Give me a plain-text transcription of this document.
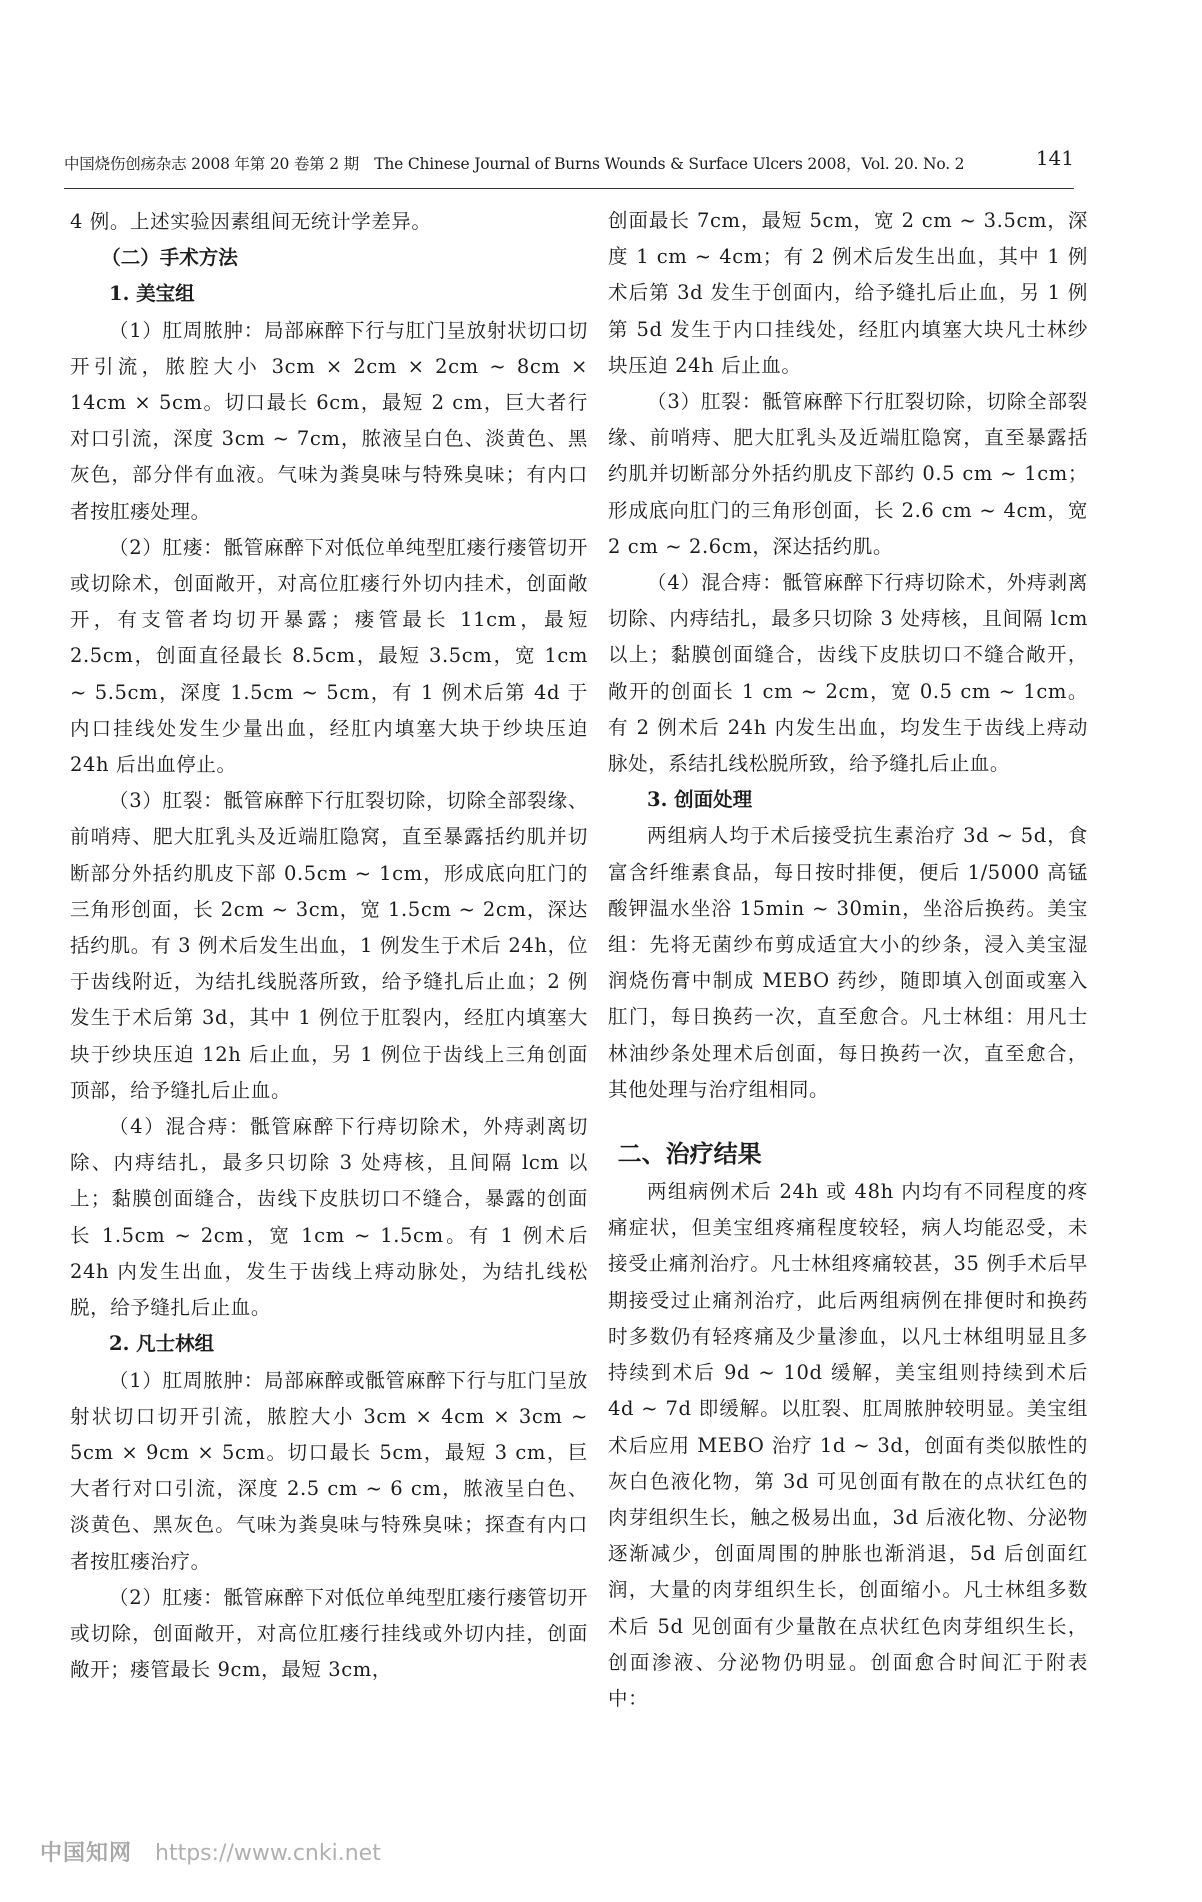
中国烧伤创疡杂志 2008 年第 20 卷第 2 期　The Chinese Journal of Burns Wounds & Surface Ulcers 2008，Vol. 20. No. 2	141

4 例。上述实验因素组间无统计学差异。

（二）手术方法

1. 美宝组

（1）肛周脓肿：局部麻醉下行与肛门呈放射状切口切开引流，脓腔大小 3cm × 2cm × 2cm ~ 8cm × 14cm × 5cm。切口最长 6cm，最短 2 cm，巨大者行对口引流，深度 3cm ~ 7cm，脓液呈白色、淡黄色、黑灰色，部分伴有血液。气味为粪臭味与特殊臭味；有内口者按肛瘘处理。

（2）肛瘘：骶管麻醉下对低位单纯型肛瘘行瘘管切开或切除术，创面敞开，对高位肛瘘行外切内挂术，创面敞开，有支管者均切开暴露；瘘管最长 11cm，最短 2.5cm，创面直径最长 8.5cm，最短 3.5cm，宽 1cm ~ 5.5cm，深度 1.5cm ~ 5cm，有 1 例术后第 4d 于内口挂线处发生少量出血，经肛内填塞大块于纱块压迫 24h 后出血停止。

（3）肛裂：骶管麻醉下行肛裂切除，切除全部裂缘、前哨痔、肥大肛乳头及近端肛隐窝，直至暴露括约肌并切断部分外括约肌皮下部 0.5cm ~ 1cm，形成底向肛门的三角形创面，长 2cm ~ 3cm，宽 1.5cm ~ 2cm，深达括约肌。有 3 例术后发生出血，1 例发生于术后 24h，位于齿线附近，为结扎线脱落所致，给予缝扎后止血；2 例发生于术后第 3d，其中 1 例位于肛裂内，经肛内填塞大块于纱块压迫 12h 后止血，另 1 例位于齿线上三角创面顶部，给予缝扎后止血。

（4）混合痔：骶管麻醉下行痔切除术，外痔剥离切除、内痔结扎，最多只切除 3 处痔核，且间隔 lcm 以上；黏膜创面缝合，齿线下皮肤切口不缝合，暴露的创面长 1.5cm ~ 2cm，宽 1cm ~ 1.5cm。有 1 例术后 24h 内发生出血，发生于齿线上痔动脉处，为结扎线松脱，给予缝扎后止血。

2. 凡士林组

（1）肛周脓肿：局部麻醉或骶管麻醉下行与肛门呈放射状切口切开引流，脓腔大小 3cm × 4cm × 3cm ~ 5cm × 9cm × 5cm。切口最长 5cm，最短 3 cm，巨大者行对口引流，深度 2.5 cm ~ 6 cm，脓液呈白色、淡黄色、黑灰色。气味为粪臭味与特殊臭味；探查有内口者按肛瘘治疗。

（2）肛瘘：骶管麻醉下对低位单纯型肛瘘行瘘管切开或切除，创面敞开，对高位肛瘘行挂线或外切内挂，创面敞开；瘘管最长 9cm，最短 3cm，

创面最长 7cm，最短 5cm，宽 2 cm ~ 3.5cm，深度 1 cm ~ 4cm；有 2 例术后发生出血，其中 1 例术后第 3d 发生于创面内，给予缝扎后止血，另 1 例第 5d 发生于内口挂线处，经肛内填塞大块凡士林纱块压迫 24h 后止血。

（3）肛裂：骶管麻醉下行肛裂切除，切除全部裂缘、前哨痔、肥大肛乳头及近端肛隐窝，直至暴露括约肌并切断部分外括约肌皮下部约 0.5 cm ~ 1cm；形成底向肛门的三角形创面，长 2.6 cm ~ 4cm，宽 2 cm ~ 2.6cm，深达括约肌。

（4）混合痔：骶管麻醉下行痔切除术，外痔剥离切除、内痔结扎，最多只切除 3 处痔核，且间隔 lcm 以上；黏膜创面缝合，齿线下皮肤切口不缝合敞开，敞开的创面长 1 cm ~ 2cm，宽 0.5 cm ~ 1cm。有 2 例术后 24h 内发生出血，均发生于齿线上痔动脉处，系结扎线松脱所致，给予缝扎后止血。

3. 创面处理

两组病人均于术后接受抗生素治疗 3d ~ 5d，食富含纤维素食品，每日按时排便，便后 1/5000 高锰酸钾温水坐浴 15min ~ 30min，坐浴后换药。美宝组：先将无菌纱布剪成适宜大小的纱条，浸入美宝湿润烧伤膏中制成 MEBO 药纱，随即填入创面或塞入肛门，每日换药一次，直至愈合。凡士林组：用凡士林油纱条处理术后创面，每日换药一次，直至愈合，其他处理与治疗组相同。

二、治疗结果

两组病例术后 24h 或 48h 内均有不同程度的疼痛症状，但美宝组疼痛程度较轻，病人均能忍受，未接受止痛剂治疗。凡士林组疼痛较甚，35 例手术后早期接受过止痛剂治疗，此后两组病例在排便时和换药时多数仍有轻疼痛及少量渗血，以凡士林组明显且多持续到术后 9d ~ 10d 缓解，美宝组则持续到术后 4d ~ 7d 即缓解。以肛裂、肛周脓肿较明显。美宝组术后应用 MEBO 治疗 1d ~ 3d，创面有类似脓性的灰白色液化物，第 3d 可见创面有散在的点状红色的肉芽组织生长，触之极易出血，3d 后液化物、分泌物逐渐减少，创面周围的肿胀也渐消退，5d 后创面红润，大量的肉芽组织生长，创面缩小。凡士林组多数术后 5d 见创面有少量散在点状红色肉芽组织生长，创面渗液、分泌物仍明显。创面愈合时间汇于附表中：

中国知网 https://www.cnki.net
